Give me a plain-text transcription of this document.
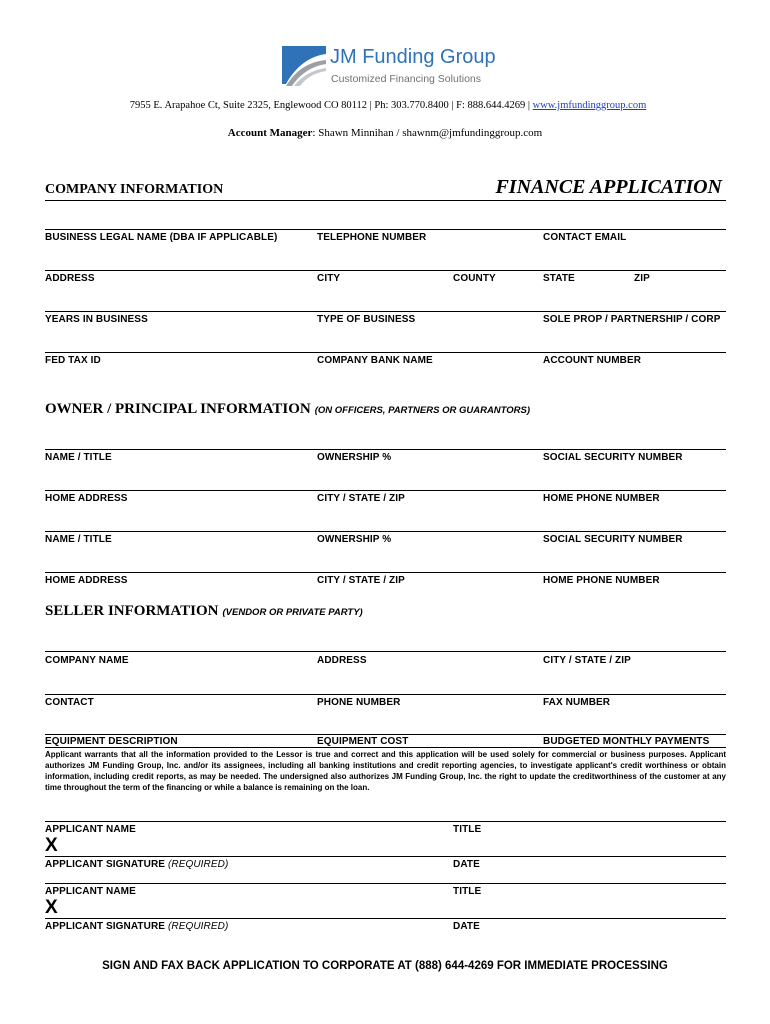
JM Funding Group
Customized Financing Solutions
7955 E. Arapahoe Ct, Suite 2325, Englewood CO 80112 | Ph: 303.770.8400 | F: 888.644.4269 | www.jmfundinggroup.com
Account Manager: Shawn Minnihan / shawnm@jmfundinggroup.com
COMPANY INFORMATION	FINANCE APPLICATION
BUSINESS LEGAL NAME (DBA IF APPLICABLE)	TELEPHONE NUMBER	CONTACT EMAIL
ADDRESS	CITY	COUNTY	STATE	ZIP
YEARS IN BUSINESS	TYPE OF BUSINESS	SOLE PROP / PARTNERSHIP / CORP
FED TAX ID	COMPANY BANK NAME	ACCOUNT NUMBER
OWNER / PRINCIPAL INFORMATION (ON OFFICERS, PARTNERS OR GUARANTORS)
NAME / TITLE	OWNERSHIP %	SOCIAL SECURITY NUMBER
HOME ADDRESS	CITY / STATE / ZIP	HOME PHONE NUMBER
NAME / TITLE	OWNERSHIP %	SOCIAL SECURITY NUMBER
HOME ADDRESS	CITY / STATE / ZIP	HOME PHONE NUMBER
SELLER INFORMATION (VENDOR OR PRIVATE PARTY)
COMPANY NAME	ADDRESS	CITY / STATE / ZIP
CONTACT	PHONE NUMBER	FAX NUMBER
EQUIPMENT DESCRIPTION	EQUIPMENT COST	BUDGETED MONTHLY PAYMENTS
Applicant warrants that all the information provided to the Lessor is true and correct and this application will be used solely for commercial or business purposes. Applicant authorizes JM Funding Group, Inc. and/or its assignees, including all banking institutions and credit reporting agencies, to investigate applicant's credit worthiness or obtain information, including credit reports, as may be needed. The undersigned also authorizes JM Funding Group, Inc. the right to update the creditworthiness of the customer at any time throughout the term of the financing or while a balance is remaining on the loan.
APPLICANT NAME	TITLE
X
APPLICANT SIGNATURE (REQUIRED)	DATE
APPLICANT NAME	TITLE
X
APPLICANT SIGNATURE (REQUIRED)	DATE
SIGN AND FAX BACK APPLICATION TO CORPORATE AT (888) 644-4269 FOR IMMEDIATE PROCESSING
